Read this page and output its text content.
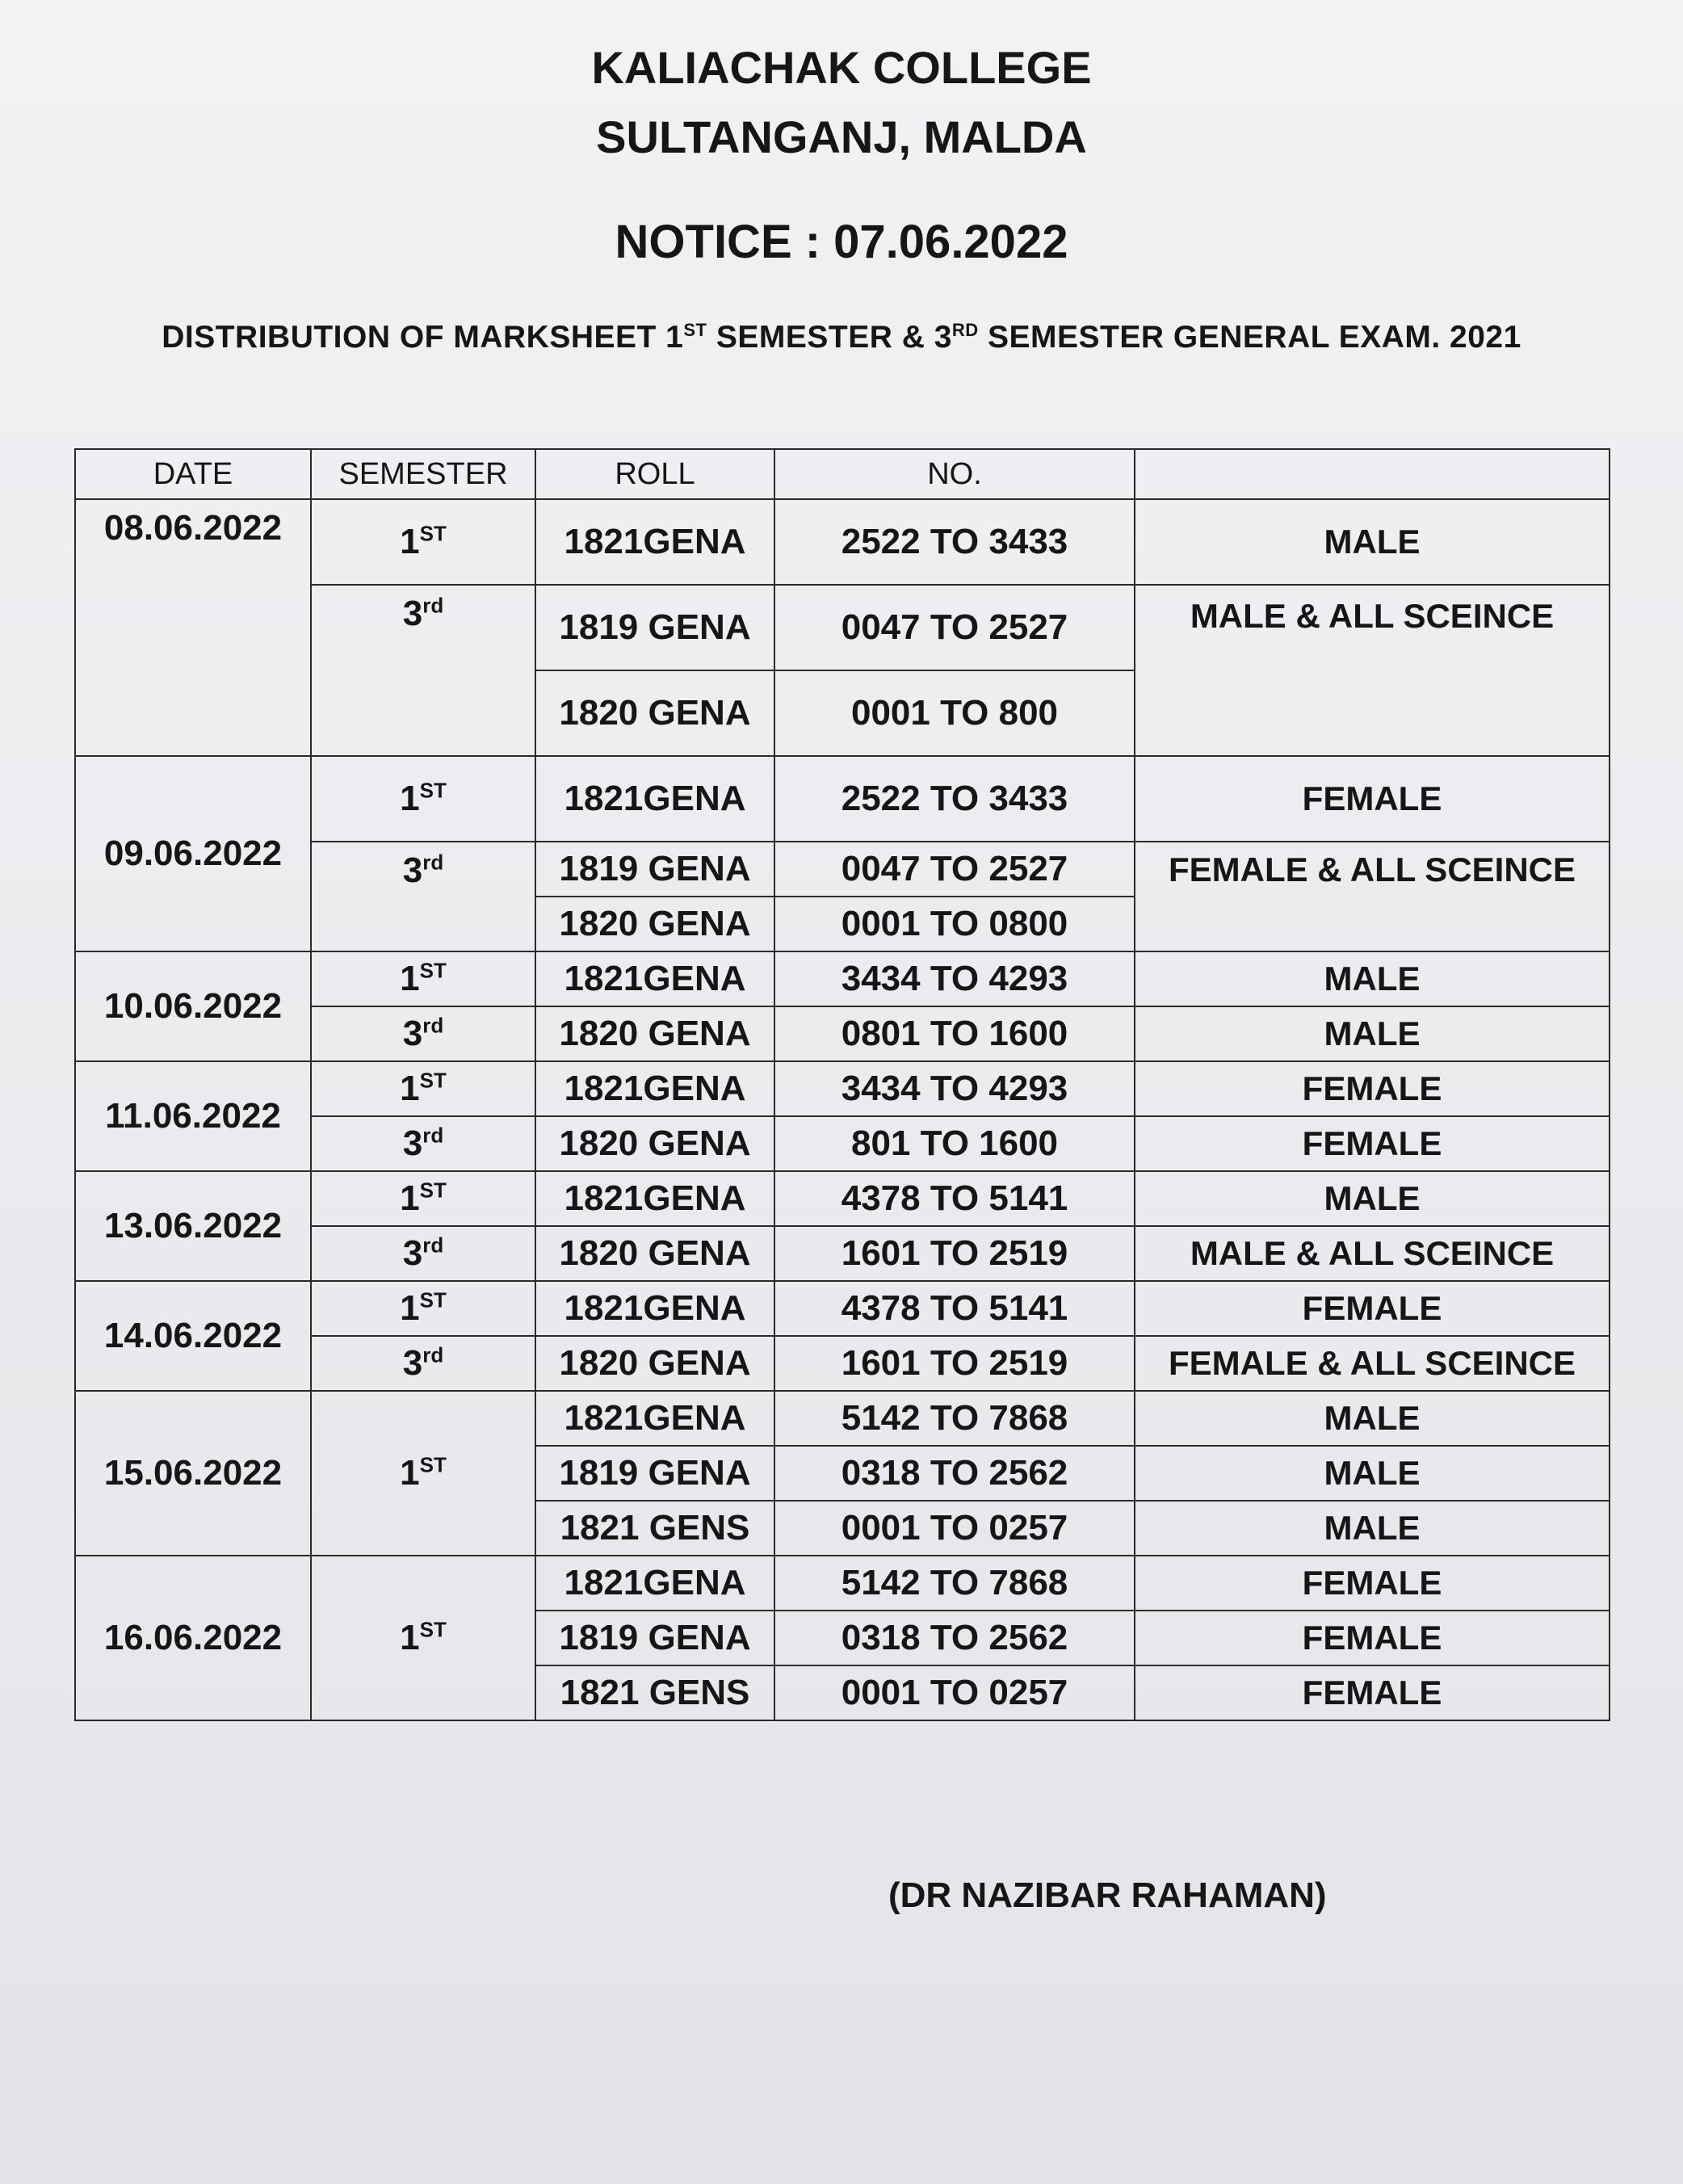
KALIACHAK COLLEGE
SULTANGANJ, MALDA
NOTICE : 07.06.2022
DISTRIBUTION OF MARKSHEET 1ST SEMESTER & 3RD SEMESTER GENERAL EXAM. 2021
DATE	SEMESTER	ROLL	NO.	
08.06.2022	1ST	1821GENA	2522 TO 3433	MALE
	3rd	1819 GENA	0047 TO 2527	MALE & ALL SCEINCE
		1820 GENA	0001 TO 800	
09.06.2022	1ST	1821GENA	2522 TO 3433	FEMALE
	3rd	1819 GENA	0047 TO 2527	FEMALE & ALL SCEINCE
		1820 GENA	0001 TO 0800	
10.06.2022	1ST	1821GENA	3434 TO 4293	MALE
	3rd	1820 GENA	0801 TO 1600	MALE
11.06.2022	1ST	1821GENA	3434 TO 4293	FEMALE
	3rd	1820 GENA	801 TO 1600	FEMALE
13.06.2022	1ST	1821GENA	4378 TO 5141	MALE
	3rd	1820 GENA	1601 TO 2519	MALE & ALL SCEINCE
14.06.2022	1ST	1821GENA	4378 TO 5141	FEMALE
	3rd	1820 GENA	1601 TO 2519	FEMALE & ALL SCEINCE
15.06.2022	1ST	1821GENA	5142 TO 7868	MALE
		1819 GENA	0318 TO 2562	MALE
		1821 GENS	0001 TO 0257	MALE
16.06.2022	1ST	1821GENA	5142 TO 7868	FEMALE
		1819 GENA	0318 TO 2562	FEMALE
		1821 GENS	0001 TO 0257	FEMALE
(DR NAZIBAR RAHAMAN)
